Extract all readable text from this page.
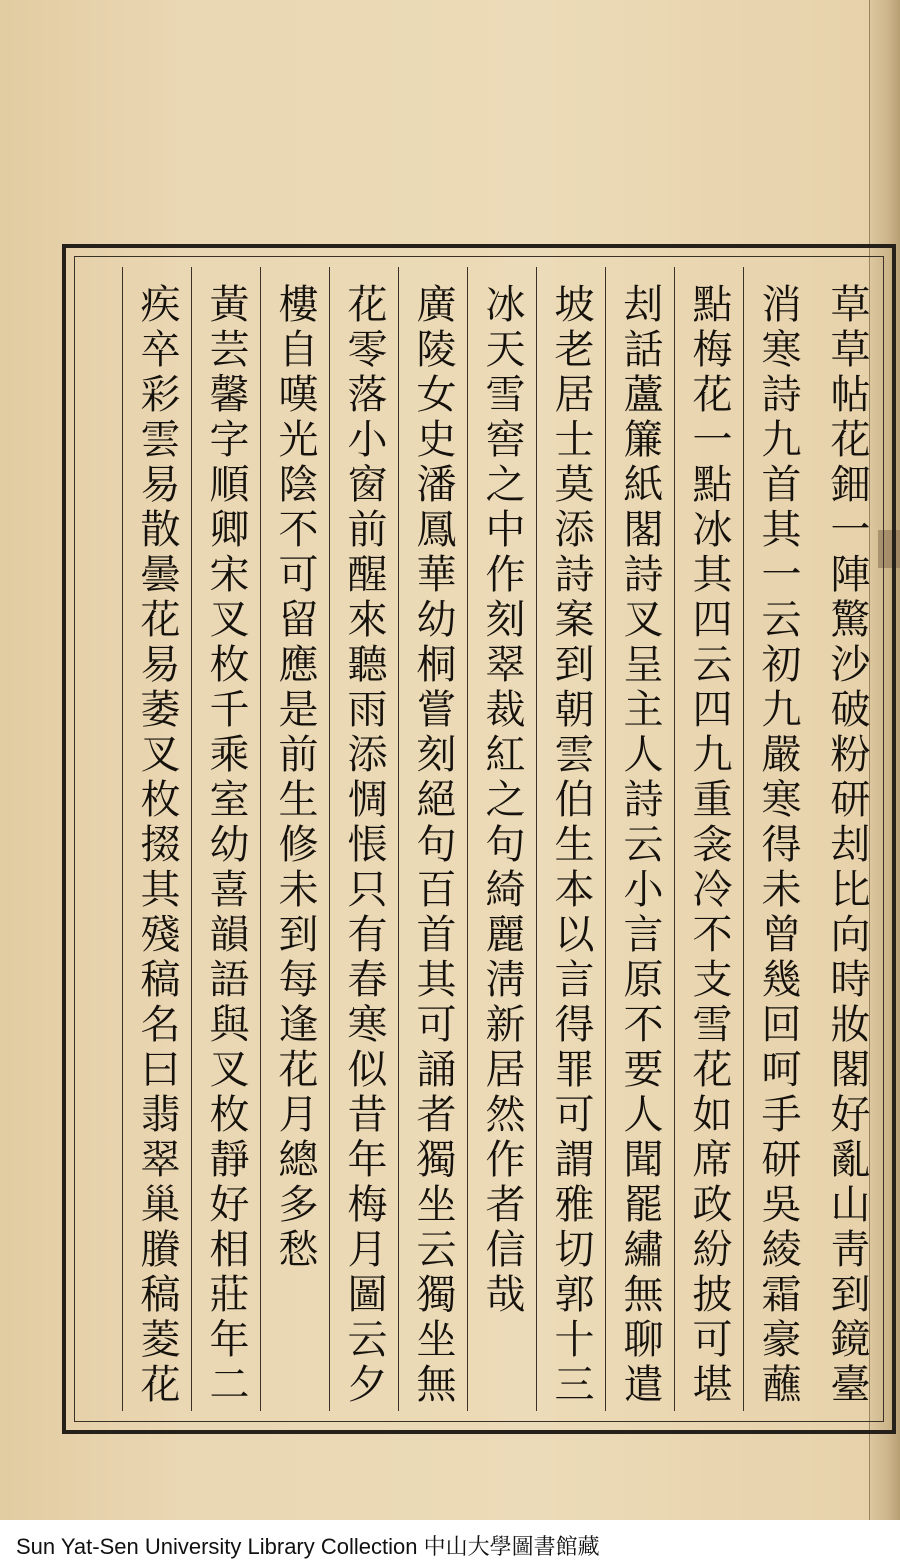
草草帖花鈿一陣驚沙破粉研刦比向時妝閣好亂山靑到鏡臺
消寒詩九首其一云初九嚴寒得未曾幾回呵手研吳綾霜豪蘸
點梅花一點冰其四云四九重衾冷不支雪花如席政紛披可堪
刦話蘆簾紙閣詩叉呈主人詩云小言原不要人聞罷繡無聊遣
坡老居士莫添詩案到朝雲伯生本以言得罪可謂雅切郭十三
冰天雪窖之中作刻翠裁紅之句綺麗淸新居然作者信哉
廣陵女史潘鳳華幼桐嘗刻絕句百首其可誦者獨坐云獨坐無
花零落小窗前醒來聽雨添惆悵只有春寒似昔年梅月圖云夕
樓自嘆光陰不可留應是前生修未到每逢花月總多愁
黃芸馨字順卿宋叉枚千乘室幼喜韻語與叉枚靜好相莊年二
疾卒彩雲易散曇花易萎叉枚掇其殘稿名曰翡翠巢賸稿菱花
Sun Yat-Sen University Library Collection 中山大學圖書館藏
